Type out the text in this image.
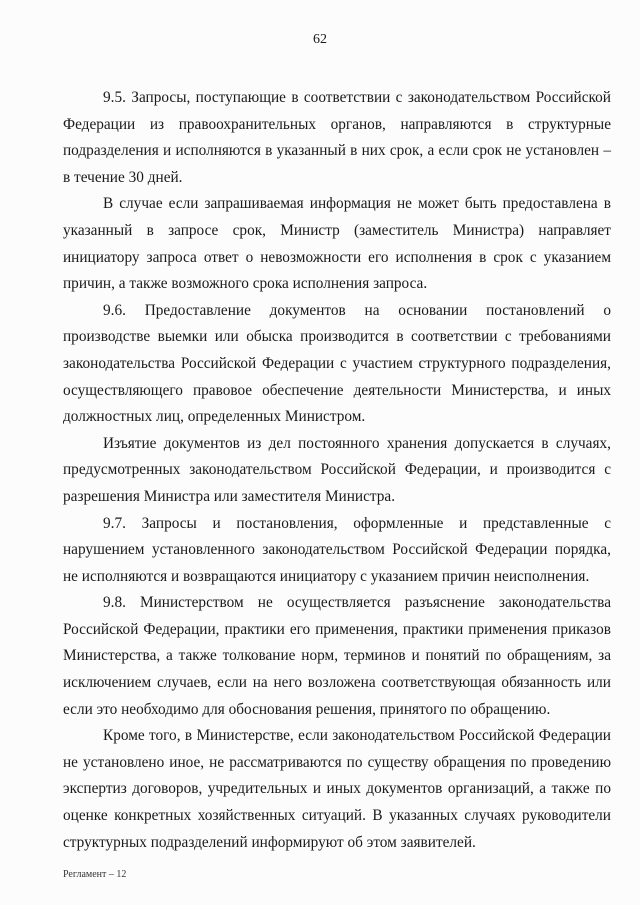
62

9.5. Запросы, поступающие в соответствии с законодательством Российской Федерации из правоохранительных органов, направляются в структурные подразделения и исполняются в указанный в них срок, а если срок не установлен – в течение 30 дней.

В случае если запрашиваемая информация не может быть предоставлена в указанный в запросе срок, Министр (заместитель Министра) направляет инициатору запроса ответ о невозможности его исполнения в срок с указанием причин, а также возможного срока исполнения запроса.

9.6. Предоставление документов на основании постановлений о производстве выемки или обыска производится в соответствии с требованиями законодательства Российской Федерации с участием структурного подразделения, осуществляющего правовое обеспечение деятельности Министерства, и иных должностных лиц, определенных Министром.

Изъятие документов из дел постоянного хранения допускается в случаях, предусмотренных законодательством Российской Федерации, и производится с разрешения Министра или заместителя Министра.

9.7. Запросы и постановления, оформленные и представленные с нарушением установленного законодательством Российской Федерации порядка, не исполняются и возвращаются инициатору с указанием причин неисполнения.

9.8. Министерством не осуществляется разъяснение законодательства Российской Федерации, практики его применения, практики применения приказов Министерства, а также толкование норм, терминов и понятий по обращениям, за исключением случаев, если на него возложена соответствующая обязанность или если это необходимо для обоснования решения, принятого по обращению.

Кроме того, в Министерстве, если законодательством Российской Федерации не установлено иное, не рассматриваются по существу обращения по проведению экспертиз договоров, учредительных и иных документов организаций, а также по оценке конкретных хозяйственных ситуаций. В указанных случаях руководители структурных подразделений информируют об этом заявителей.

Регламент – 12
